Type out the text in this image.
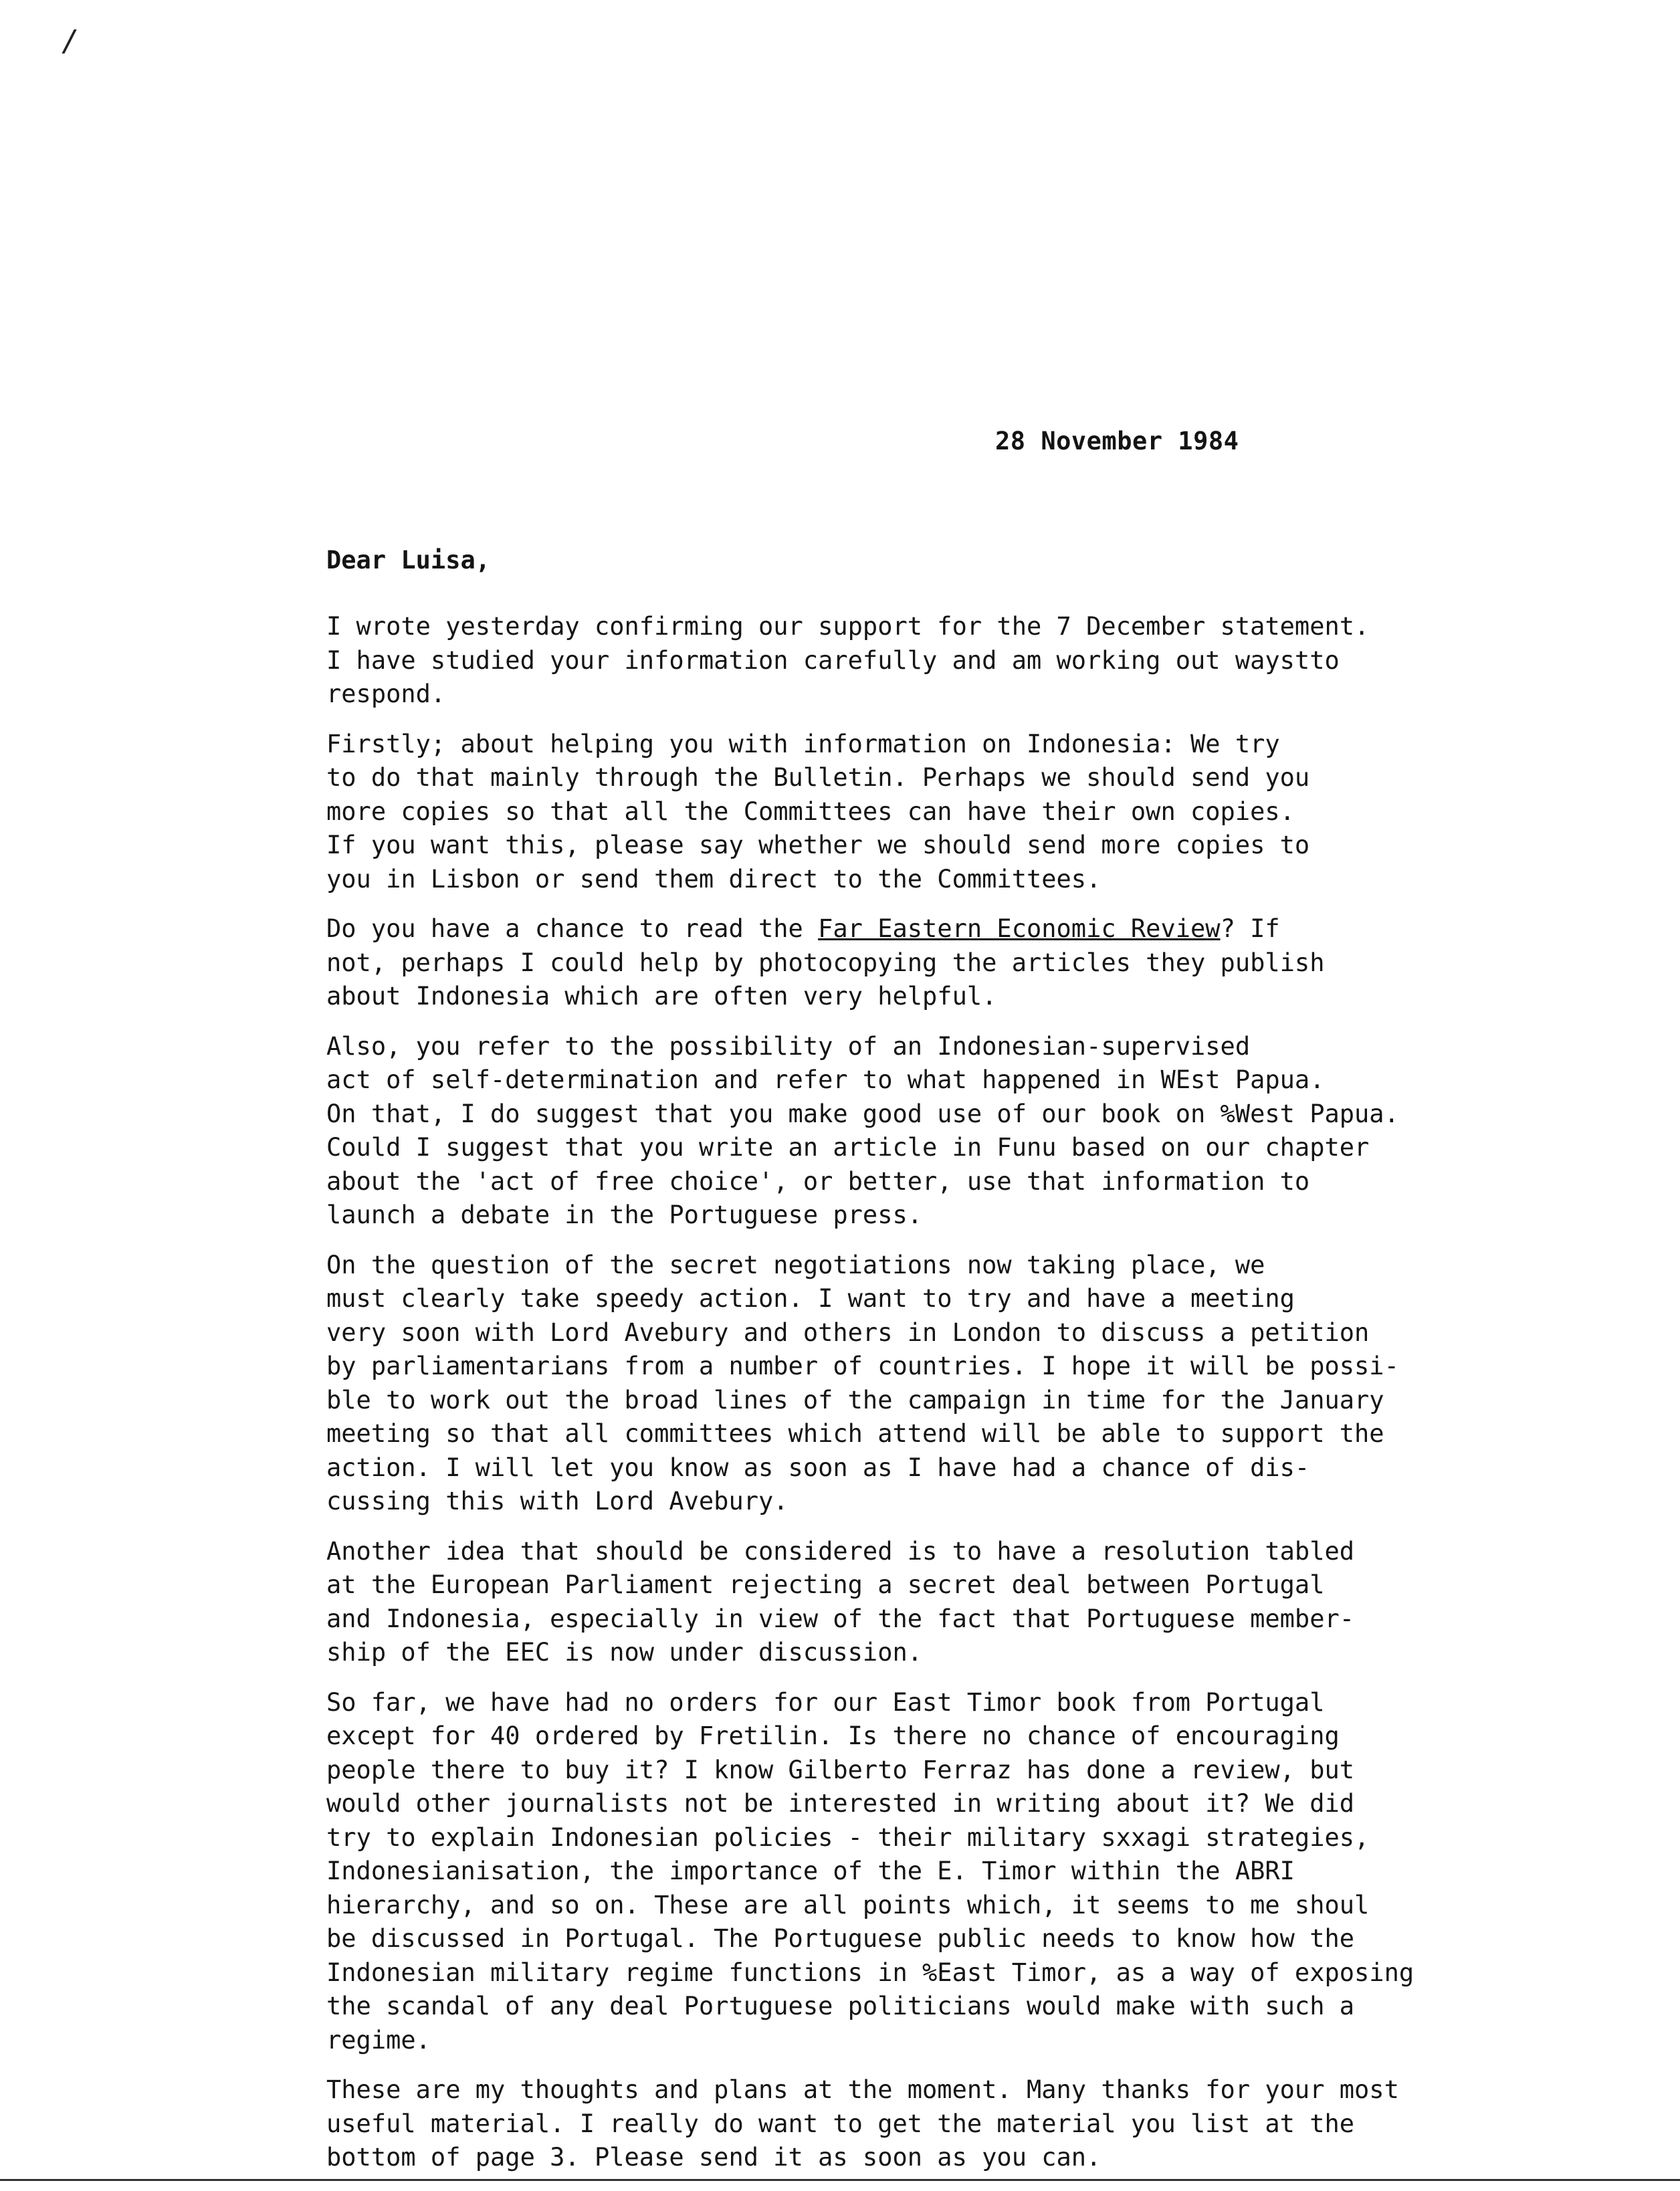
/
28 November 1984
Dear Luisa,
I wrote yesterday confirming our support for the 7 December statement.
I have studied your information carefully and am working out waystto
respond.
Firstly; about helping you with information on Indonesia: We try
to do that mainly through the Bulletin. Perhaps we should send you
more copies so that all the Committees can have their own copies.
If you want this, please say whether we should send more copies to
you in Lisbon or send them direct to the Committees.
Do you have a chance to read the Far Eastern Economic Review? If
not, perhaps I could help by photocopying the articles they publish
about Indonesia which are often very helpful.
Also, you refer to the possibility of an Indonesian-supervised
act of self-determination and refer to what happened in WEst Papua.
On that, I do suggest that you make good use of our book on %West Papua.
Could I suggest that you write an article in Funu based on our chapter
about the 'act of free choice', or better, use that information to
launch a debate in the Portuguese press.
On the question of the secret negotiations now taking place, we
must clearly take speedy action. I want to try and have a meeting
very soon with Lord Avebury and others in London to discuss a petition
by parliamentarians from a number of countries. I hope it will be possi-
ble to work out the broad lines of the campaign in time for the January
meeting so that all committees which attend will be able to support the
action. I will let you know as soon as I have had a chance of dis-
cussing this with Lord Avebury.
Another idea that should be considered is to have a resolution tabled
at the European Parliament rejecting a secret deal between Portugal
and Indonesia, especially in view of the fact that Portuguese member-
ship of the EEC is now under discussion.
So far, we have had no orders for our East Timor book from Portugal
except for 40 ordered by Fretilin. Is there no chance of encouraging
people there to buy it? I know Gilberto Ferraz has done a review, but
would other journalists not be interested in writing about it? We did
try to explain Indonesian policies - their military sxxagi strategies,
Indonesianisation, the importance of the E. Timor within the ABRI
hierarchy, and so on. These are all points which, it seems to me shoul
be discussed in Portugal. The Portuguese public needs to know how the
Indonesian military regime functions in %East Timor, as a way of exposing
the scandal of any deal Portuguese politicians would make with such a
regime.
These are my thoughts and plans at the moment. Many thanks for your most
useful material. I really do want to get the material you list at the
bottom of page 3. Please send it as soon as you can.
